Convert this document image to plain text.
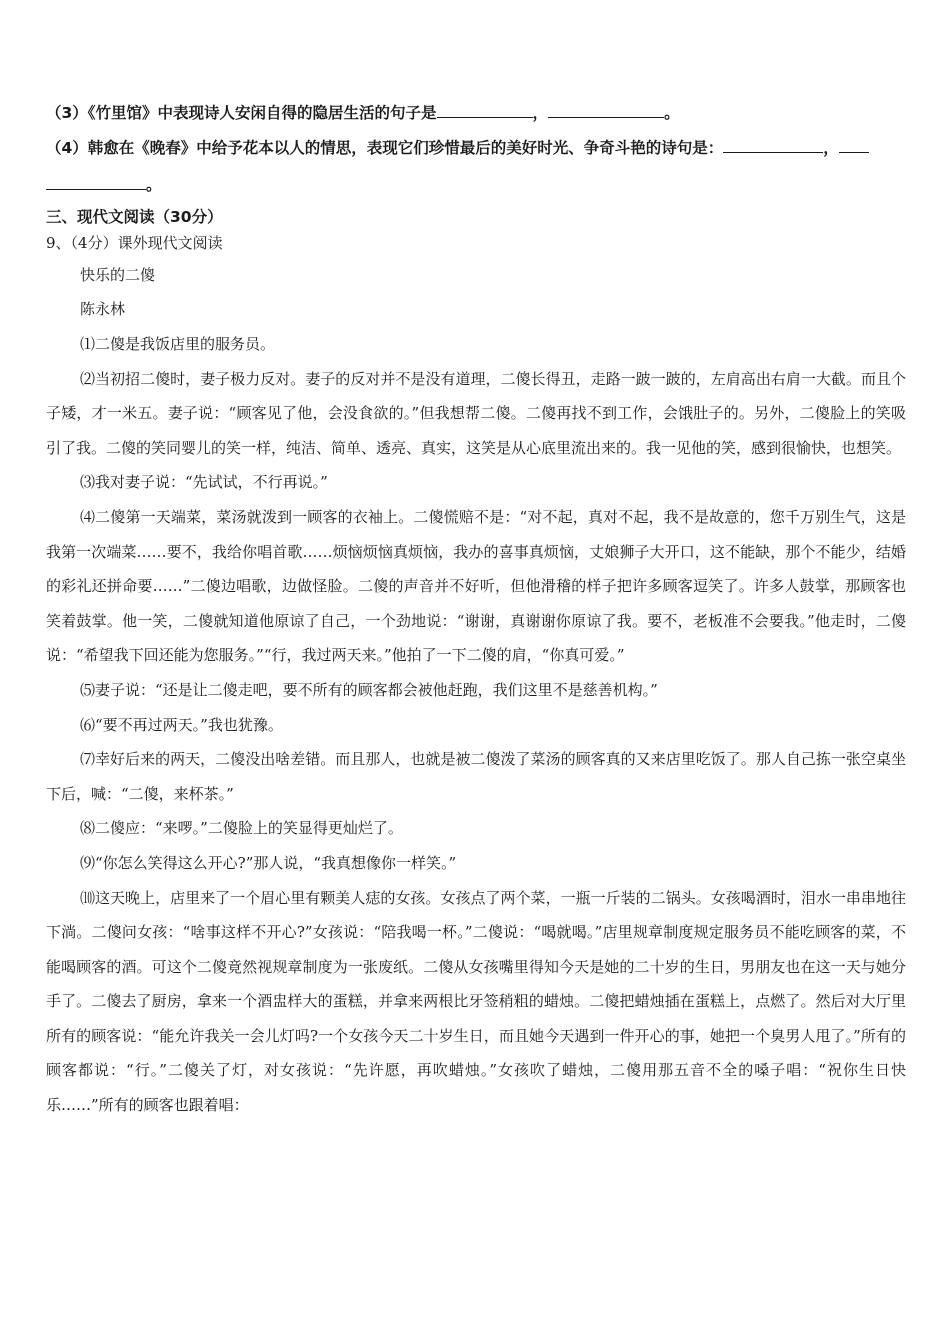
（3）《竹里馆》中表现诗人安闲自得的隐居生活的句子是	，	。
（4）韩愈在《晚春》中给予花本以人的情思，表现它们珍惜最后的美好时光、争奇斗艳的诗句是：	，
。
三、现代文阅读（30分）
9、（4分）课外现代文阅读
快乐的二傻
陈永林

⑴二傻是我饭店里的服务员。

⑵当初招二傻时，妻子极力反对。妻子的反对并不是没有道理，二傻长得丑，走路一跛一跛的，左肩高出右肩一大截。而且个子矮，才一米五。妻子说：“顾客见了他，会没食欲的。”但我想帮二傻。二傻再找不到工作，会饿肚子的。另外，二傻脸上的笑吸引了我。二傻的笑同婴儿的笑一样，纯洁、简单、透亮、真实，这笑是从心底里流出来的。我一见他的笑，感到很愉快，也想笑。

⑶我对妻子说：“先试试，不行再说。”

⑷二傻第一天端菜，菜汤就泼到一顾客的衣袖上。二傻慌赔不是：“对不起，真对不起，我不是故意的，您千万别生气，这是我第一次端菜……要不，我给你唱首歌……烦恼烦恼真烦恼，我办的喜事真烦恼，丈娘狮子大开口，这不能缺，那个不能少，结婚的彩礼还拼命要……”二傻边唱歌，边做怪脸。二傻的声音并不好听，但他滑稽的样子把许多顾客逗笑了。许多人鼓掌，那顾客也笑着鼓掌。他一笑，二傻就知道他原谅了自己，一个劲地说：“谢谢，真谢谢你原谅了我。要不，老板准不会要我。”他走时，二傻说：“希望我下回还能为您服务。”“行，我过两天来。”他拍了一下二傻的肩，“你真可爱。”

⑸妻子说：“还是让二傻走吧，要不所有的顾客都会被他赶跑，我们这里不是慈善机构。”

⑹“要不再过两天。”我也犹豫。

⑺幸好后来的两天，二傻没出啥差错。而且那人，也就是被二傻泼了菜汤的顾客真的又来店里吃饭了。那人自己拣一张空桌坐下后，喊：“二傻，来杯茶。”

⑻二傻应：“来啰。”二傻脸上的笑显得更灿烂了。

⑼“你怎么笑得这么开心?”那人说，“我真想像你一样笑。”

⑽这天晚上，店里来了一个眉心里有颗美人痣的女孩。女孩点了两个菜，一瓶一斤装的二锅头。女孩喝酒时，泪水一串串地往下淌。二傻问女孩：“啥事这样不开心?”女孩说：“陪我喝一杯。”二傻说：“喝就喝。”店里规章制度规定服务员不能吃顾客的菜，不能喝顾客的酒。可这个二傻竟然视规章制度为一张废纸。二傻从女孩嘴里得知今天是她的二十岁的生日，男朋友也在这一天与她分手了。二傻去了厨房，拿来一个酒盅样大的蛋糕，并拿来两根比牙签稍粗的蜡烛。二傻把蜡烛插在蛋糕上，点燃了。然后对大厅里所有的顾客说：“能允许我关一会儿灯吗?一个女孩今天二十岁生日，而且她今天遇到一件开心的事，她把一个臭男人甩了。”所有的顾客都说：“行。”二傻关了灯，对女孩说：“先许愿，再吹蜡烛。”女孩吹了蜡烛，二傻用那五音不全的嗓子唱：“祝你生日快乐……”所有的顾客也跟着唱：
